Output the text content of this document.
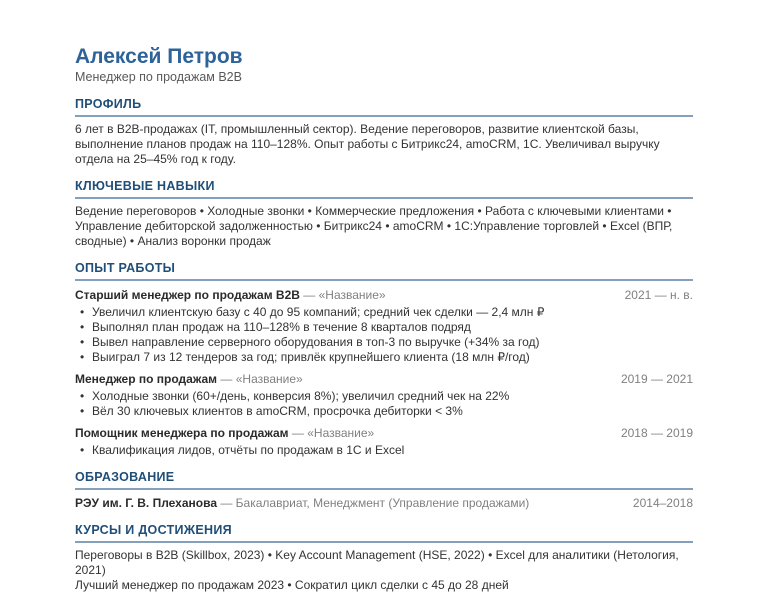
Алексей Петров
Менеджер по продажам B2B
ПРОФИЛЬ

6 лет в B2B-продажах (IT, промышленный сектор). Ведение переговоров, развитие клиентской базы, выполнение планов продаж на 110–128%. Опыт работы с Битрикс24, amoCRM, 1С. Увеличивал выручку отдела на 25–45% год к году.

КЛЮЧЕВЫЕ НАВЫКИ

Ведение переговоров • Холодные звонки • Коммерческие предложения • Работа с ключевыми клиентами • Управление дебиторской задолженностью • Битрикс24 • amoCRM • 1С:Управление торговлей • Excel (ВПР, сводные) • Анализ воронки продаж

ОПЫТ РАБОТЫ
Старший менеджер по продажам B2B — «Название»	2021 — н. в.
• Увеличил клиентскую базу с 40 до 95 компаний; средний чек сделки — 2,4 млн ₽
• Выполнял план продаж на 110–128% в течение 8 кварталов подряд
• Вывел направление серверного оборудования в топ-3 по выручке (+34% за год)
• Выиграл 7 из 12 тендеров за год; привлёк крупнейшего клиента (18 млн ₽/год)
Менеджер по продажам — «Название»	2019 — 2021
• Холодные звонки (60+/день, конверсия 8%); увеличил средний чек на 22%
• Вёл 30 ключевых клиентов в amoCRM, просрочка дебиторки < 3%
Помощник менеджера по продажам — «Название»	2018 — 2019
• Квалификация лидов, отчёты по продажам в 1С и Excel
ОБРАЗОВАНИЕ
РЭУ им. Г. В. Плеханова — Бакалавриат, Менеджмент (Управление продажами)	2014–2018
КУРСЫ И ДОСТИЖЕНИЯ

Переговоры в B2B (Skillbox, 2023) • Key Account Management (HSE, 2022) • Excel для аналитики (Нетология, 2021)

Лучший менеджер по продажам 2023 • Сократил цикл сделки с 45 до 28 дней
